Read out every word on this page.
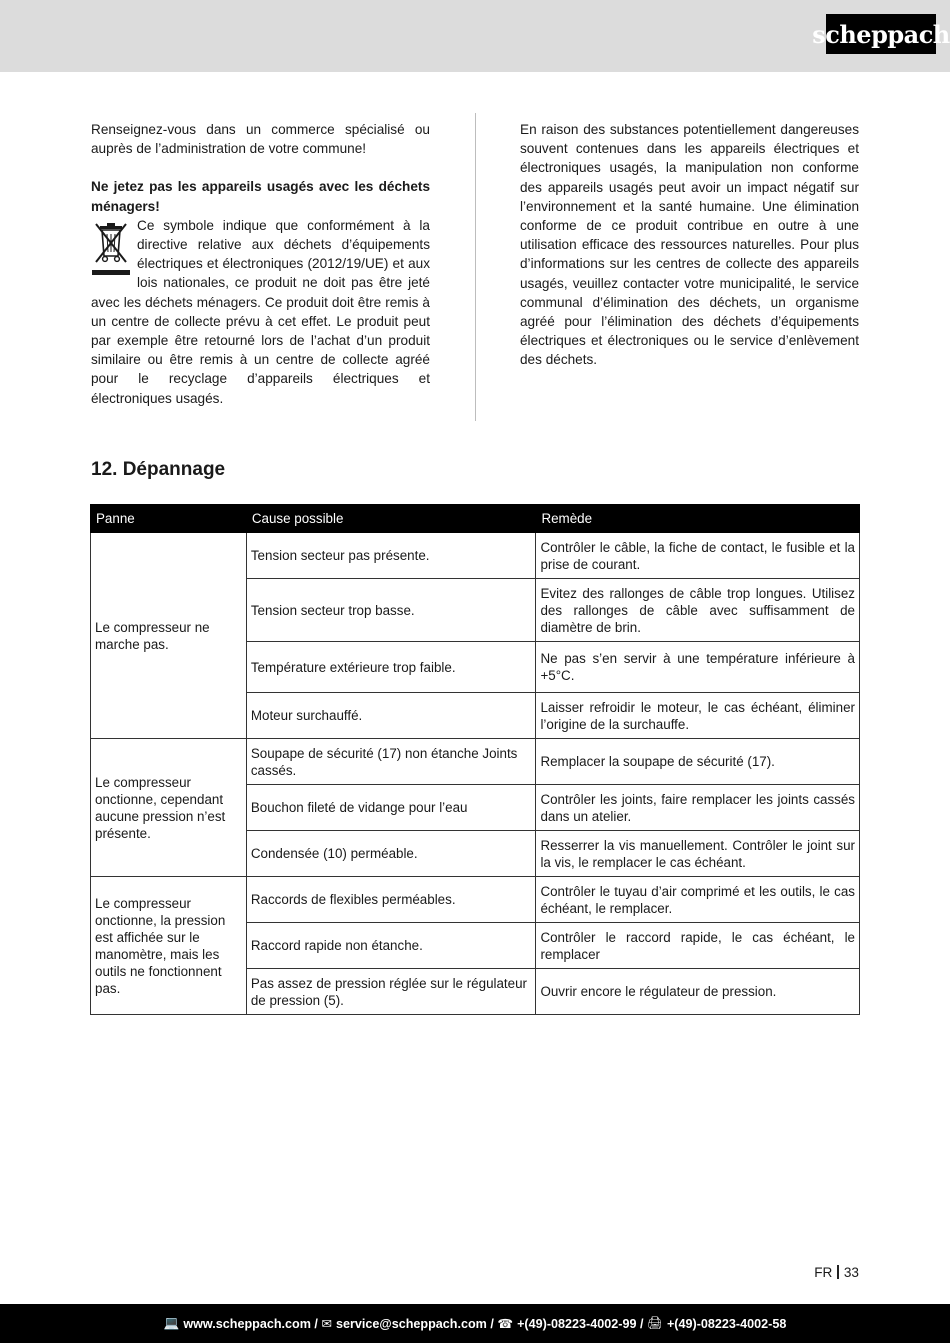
scheppach

Renseignez-vous dans un commerce spécialisé ou auprès de l’administration de votre commune!

Ne jetez pas les appareils usagés avec les déchets ménagers!

Ce symbole indique que conformément à la directive relative aux déchets d’équipements électriques et électroniques (2012/19/UE) et aux lois nationales, ce produit ne doit pas être jeté avec les déchets ménagers. Ce produit doit être remis à un centre de collecte prévu à cet effet. Le produit peut par exemple être retourné lors de l’achat d’un produit similaire ou être remis à un centre de collecte agréé pour le recyclage d’appareils électriques et électroniques usagés.

En raison des substances potentiellement dangereuses souvent contenues dans les appareils électriques et électroniques usagés, la manipulation non conforme des appareils usagés peut avoir un impact négatif sur l’environnement et la santé humaine. Une élimination conforme de ce produit contribue en outre à une utilisation efficace des ressources naturelles. Pour plus d’informations sur les centres de collecte des appareils usagés, veuillez contacter votre municipalité, le service communal d’élimination des déchets, un organisme agréé pour l’élimination des déchets d’équipements électriques et électroniques ou le service d’enlèvement des déchets.

12. Dépannage
Panne	Cause possible	Remède
Le compresseur ne marche pas.	Tension secteur pas présente.	Contrôler le câble, la fiche de contact, le fusible et la prise de courant.
	Tension secteur trop basse.	Evitez des rallonges de câble trop longues. Utilisez des rallonges de câble avec suffisamment de diamètre de brin.
	Température extérieure trop faible.	Ne pas s’en servir à une température inférieure à +5°C.
	Moteur surchauffé.	Laisser refroidir le moteur, le cas échéant, éliminer l’origine de la surchauffe.
Le compresseur onctionne, cependant aucune pression n’est présente.	Soupape de sécurité (17) non étanche Joints cassés.	Remplacer la soupape de sécurité (17).
	Bouchon fileté de vidange pour l’eau	Contrôler les joints, faire remplacer les joints cassés dans un atelier.
	Condensée (10) perméable.	Resserrer la vis manuellement. Contrôler le joint sur la vis, le remplacer le cas échéant.
Le compresseur onctionne, la pression est affichée sur le manomètre, mais les outils ne fonctionnent pas.	Raccords de flexibles perméables.	Contrôler le tuyau d’air comprimé et les outils, le cas échéant, le remplacer.
	Raccord rapide non étanche.	Contrôler le raccord rapide, le cas échéant, le remplacer
	Pas assez de pression réglée sur le régulateur de pression (5).	Ouvrir encore le régulateur de pression.
FR 33
💻 www.scheppach.com /
✉ service@scheppach.com /
☎ +(49)-08223-4002-99 /
🖨 +(49)-08223-4002-58
